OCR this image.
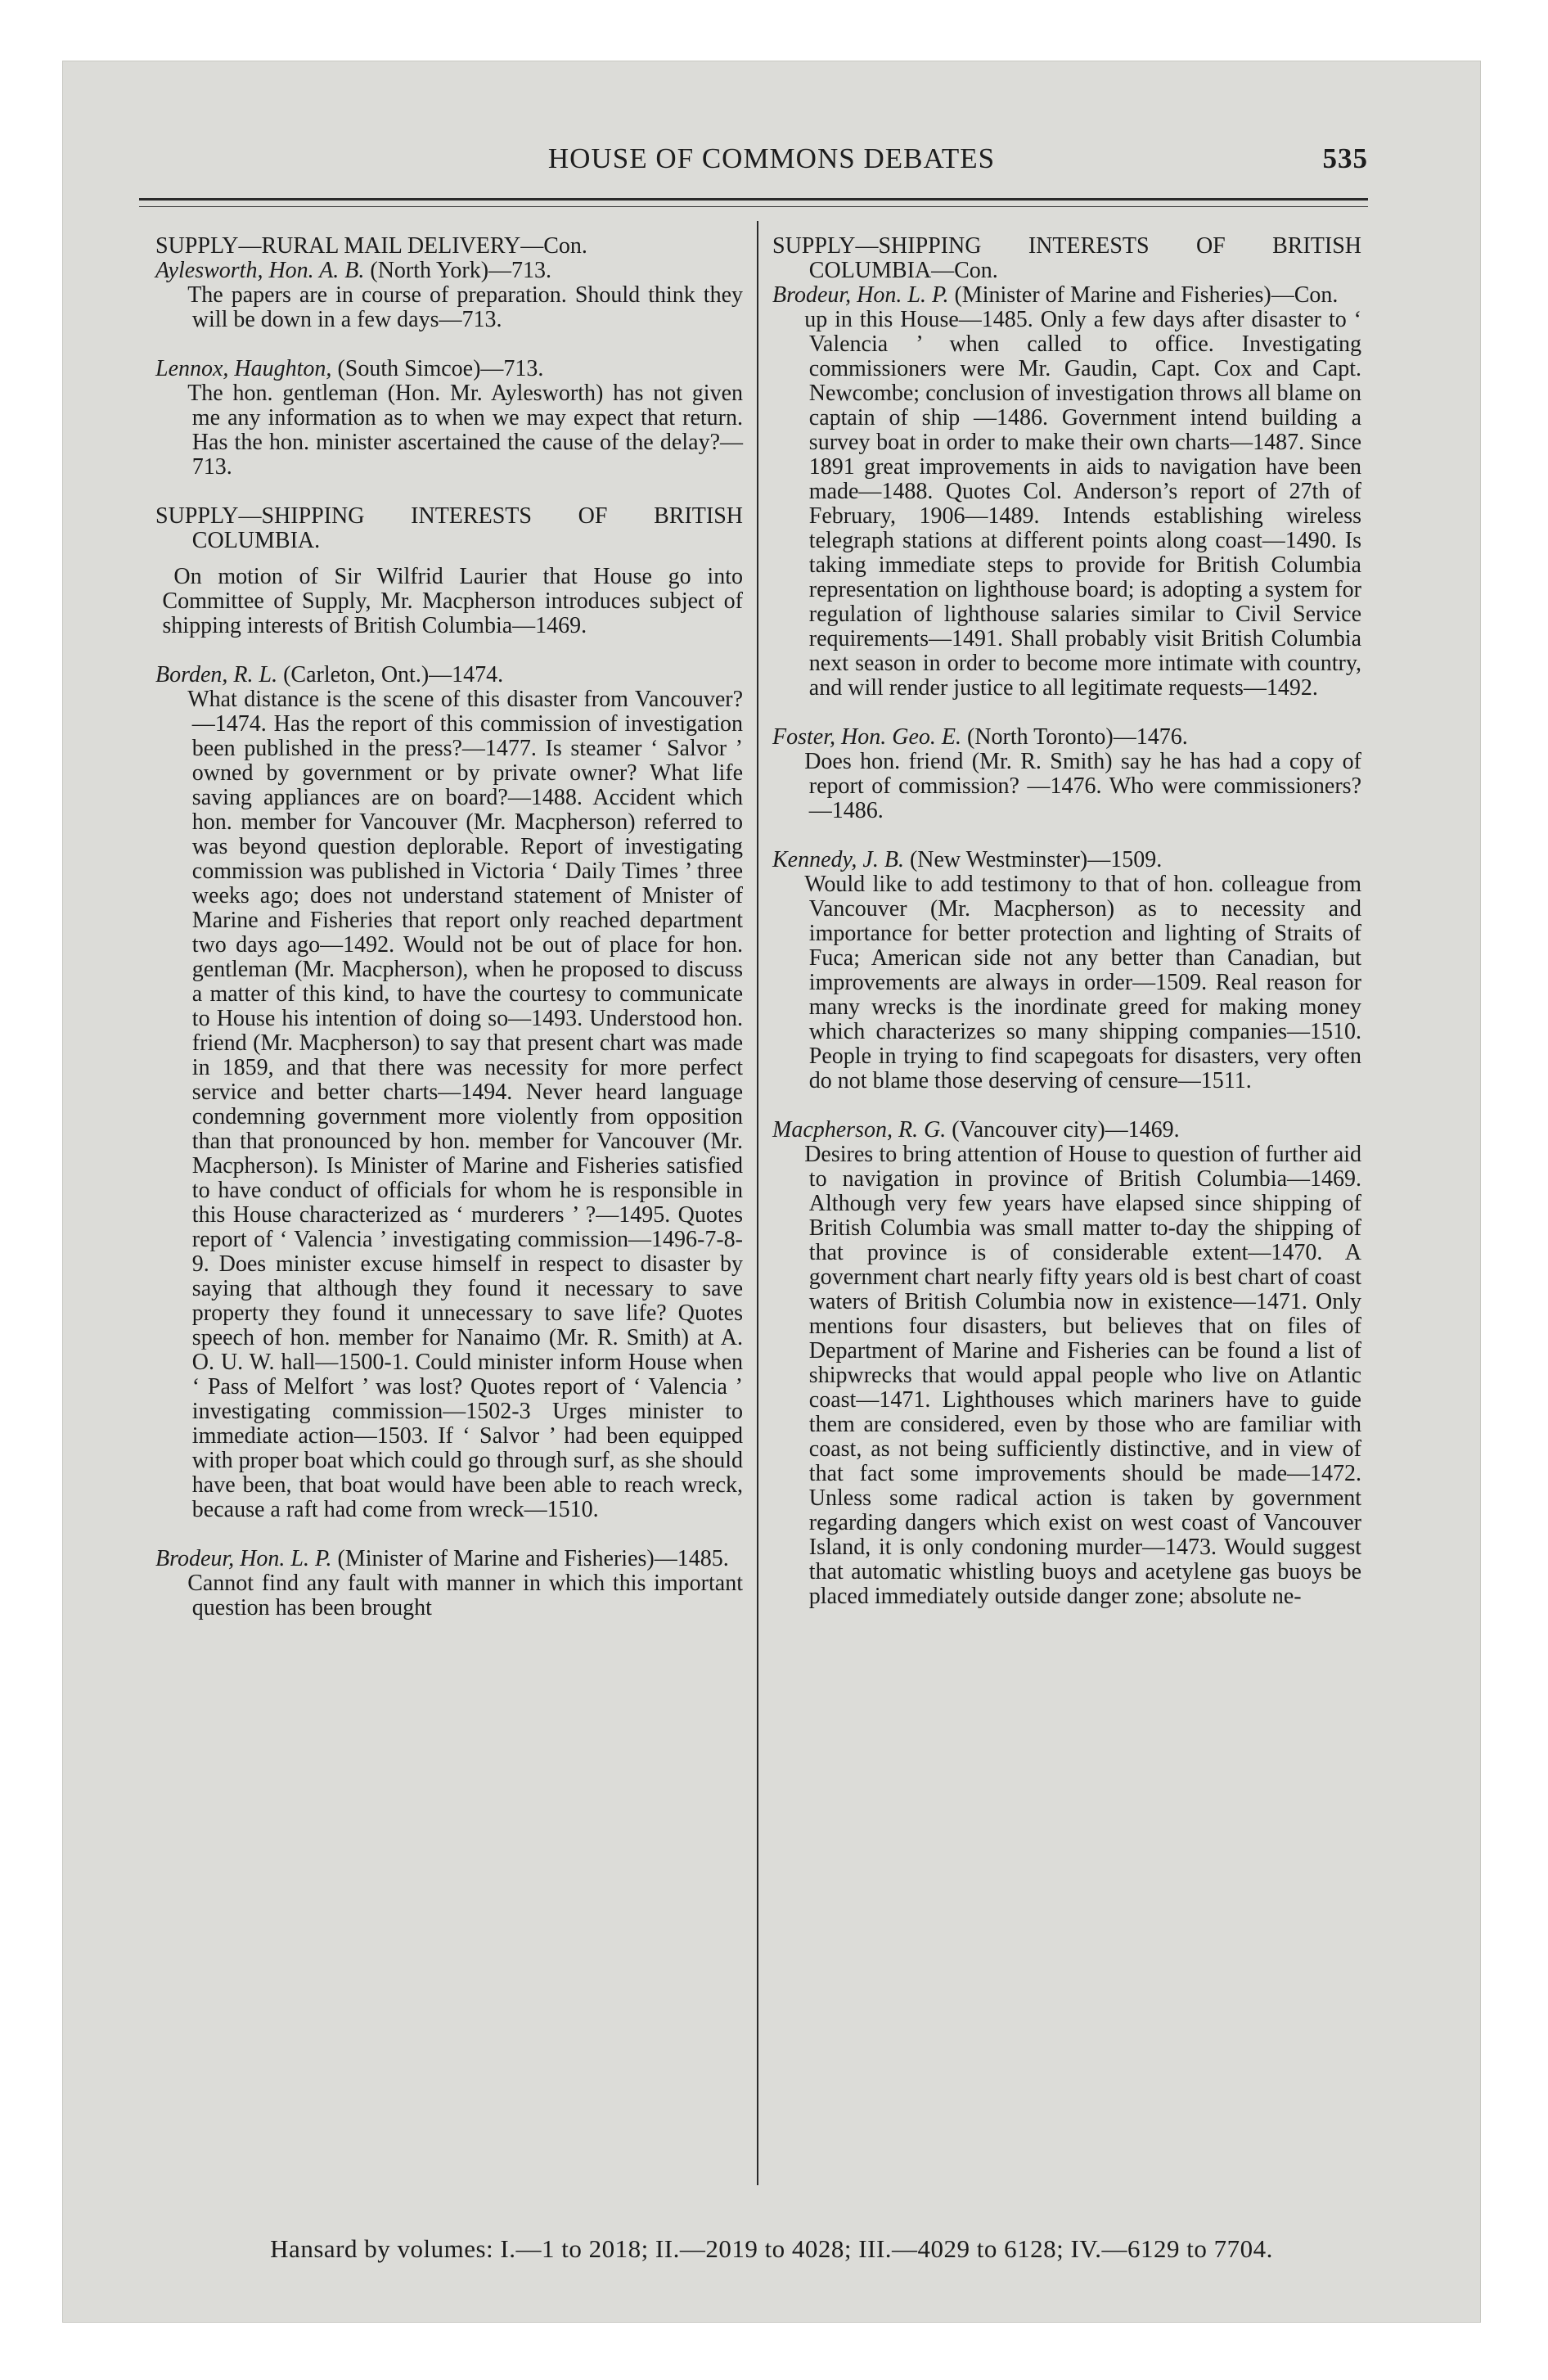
HOUSE OF COMMONS DEBATES	535
SUPPLY—RURAL MAIL DELIVERY—Con.
Aylesworth, Hon. A. B. (North York)—713.
The papers are in course of preparation. Should think they will be down in a few days—713.
Lennox, Haughton, (South Simcoe)—713.
The hon. gentleman (Hon. Mr. Aylesworth) has not given me any information as to when we may expect that return. Has the hon. minister ascertained the cause of the delay?—713.
SUPPLY—SHIPPING INTERESTS OF BRITISH COLUMBIA.
On motion of Sir Wilfrid Laurier that House go into Committee of Supply, Mr. Macpherson introduces subject of shipping interests of British Columbia—1469.
Borden, R. L. (Carleton, Ont.)—1474.
What distance is the scene of this disaster from Vancouver?—1474. Has the report of this commission of investigation been published in the press?—1477. Is steamer ‘ Salvor ’ owned by government or by private owner? What life saving appliances are on board?—1488. Accident which hon. member for Vancouver (Mr. Macpherson) referred to was beyond question deplorable. Report of investigating commission was published in Victoria ‘ Daily Times ’ three weeks ago; does not understand statement of Mnister of Marine and Fisheries that report only reached department two days ago—1492. Would not be out of place for hon. gentleman (Mr. Macpherson), when he proposed to discuss a matter of this kind, to have the courtesy to communicate to House his intention of doing so—1493. Understood hon. friend (Mr. Macpherson) to say that present chart was made in 1859, and that there was necessity for more perfect service and better charts—1494. Never heard language condemning government more violently from opposition than that pronounced by hon. member for Vancouver (Mr. Macpherson). Is Minister of Marine and Fisheries satisfied to have conduct of officials for whom he is responsible in this House characterized as ‘ murderers ’ ?—1495. Quotes report of ‘ Valencia ’ investigating commission—1496-7-8-9. Does minister excuse himself in respect to disaster by saying that although they found it necessary to save property they found it unnecessary to save life? Quotes speech of hon. member for Nanaimo (Mr. R. Smith) at A. O. U. W. hall—1500-1. Could minister inform House when ‘ Pass of Melfort ’ was lost? Quotes report of ‘ Valencia ’ investigating commission—1502-3 Urges minister to immediate action—1503. If ‘ Salvor ’ had been equipped with proper boat which could go through surf, as she should have been, that boat would have been able to reach wreck, because a raft had come from wreck—1510.
Brodeur, Hon. L. P. (Minister of Marine and Fisheries)—1485.
Cannot find any fault with manner in which this important question has been brought
SUPPLY—SHIPPING INTERESTS OF BRITISH COLUMBIA—Con.
Brodeur, Hon. L. P. (Minister of Marine and Fisheries)—Con.
up in this House—1485. Only a few days after disaster to ‘ Valencia ’ when called to office. Investigating commissioners were Mr. Gaudin, Capt. Cox and Capt. Newcombe; conclusion of investigation throws all blame on captain of ship —1486. Government intend building a survey boat in order to make their own charts—1487. Since 1891 great improvements in aids to navigation have been made—1488. Quotes Col. Anderson’s report of 27th of February, 1906—1489. Intends establishing wireless telegraph stations at different points along coast—1490. Is taking immediate steps to provide for British Columbia representation on lighthouse board; is adopting a system for regulation of lighthouse salaries similar to Civil Service requirements—1491. Shall probably visit British Columbia next season in order to become more intimate with country, and will render justice to all legitimate requests—1492.
Foster, Hon. Geo. E. (North Toronto)—1476.
Does hon. friend (Mr. R. Smith) say he has had a copy of report of commission? —1476. Who were commissioners?—1486.
Kennedy, J. B. (New Westminster)—1509.
Would like to add testimony to that of hon. colleague from Vancouver (Mr. Macpherson) as to necessity and importance for better protection and lighting of Straits of Fuca; American side not any better than Canadian, but improvements are always in order—1509. Real reason for many wrecks is the inordinate greed for making money which characterizes so many shipping companies—1510. People in trying to find scapegoats for disasters, very often do not blame those deserving of censure—1511.
Macpherson, R. G. (Vancouver city)—1469.
Desires to bring attention of House to question of further aid to navigation in province of British Columbia—1469. Although very few years have elapsed since shipping of British Columbia was small matter to-day the shipping of that province is of considerable extent—1470. A government chart nearly fifty years old is best chart of coast waters of British Columbia now in existence—1471. Only mentions four disasters, but believes that on files of Department of Marine and Fisheries can be found a list of shipwrecks that would appal people who live on Atlantic coast—1471. Lighthouses which mariners have to guide them are considered, even by those who are familiar with coast, as not being sufficiently distinctive, and in view of that fact some improvements should be made—1472. Unless some radical action is taken by government regarding dangers which exist on west coast of Vancouver Island, it is only condoning murder—1473. Would suggest that automatic whistling buoys and acetylene gas buoys be placed immediately outside danger zone; absolute ne-
Hansard by volumes: I.—1 to 2018; II.—2019 to 4028; III.—4029 to 6128; IV.—6129 to 7704.
